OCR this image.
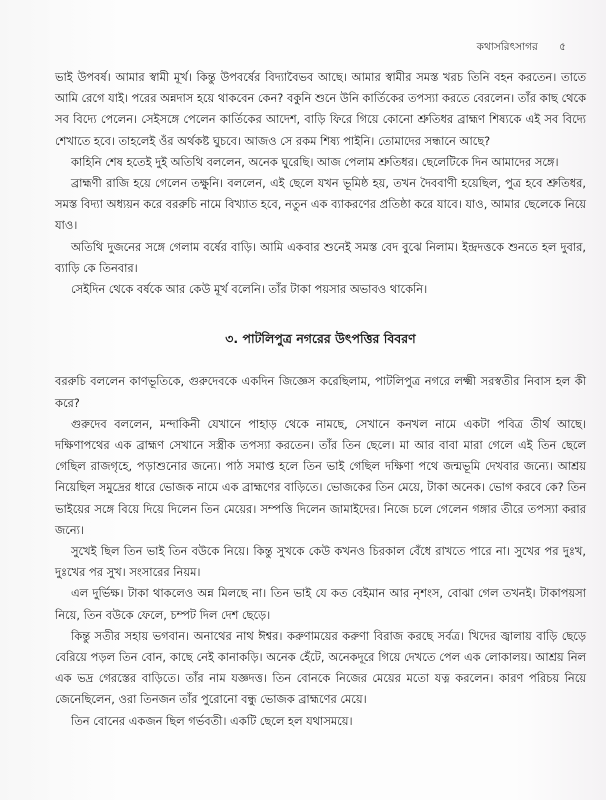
কথাসরিৎসাগর ৫

ভাই উপবর্ষ। আমার স্বামী মূর্খ। কিন্তু উপবর্ষের বিদ্যাবৈভব আছে। আমার স্বামীর সমস্ত খরচ তিনি বহন করতেন। তাতে আমি রেগে যাই। পরের অন্নদাস হয়ে থাকবেন কেন? বকুনি শুনে উনি কার্তিকের তপস্যা করতে বেরলেন। তাঁর কাছ থেকে সব বিদ্যে পেলেন। সেইসঙ্গে পেলেন কার্তিকের আদেশ, বাড়ি ফিরে গিয়ে কোনো শ্রুতিধর ব্রাহ্মণ শিষ্যকে এই সব বিদ্যে শেখাতে হবে। তাহলেই ওঁর অর্থকষ্ট ঘুচবে। আজও সে রকম শিষ্য পাইনি। তোমাদের সন্ধানে আছে?

কাহিনি শেষ হতেই দুই অতিথি বললেন, অনেক ঘুরেছি। আজ পেলাম শ্রুতিধর। ছেলেটিকে দিন আমাদের সঙ্গে।

ব্রাহ্মণী রাজি হয়ে গেলেন তক্ষুনি। বললেন, এই ছেলে যখন ভূমিষ্ঠ হয়, তখন দৈববাণী হয়েছিল, পুত্র হবে শ্রুতিধর, সমস্ত বিদ্যা অধ্যয়ন করে বররুচি নামে বিখ্যাত হবে, নতুন এক ব্যাকরণের প্রতিষ্ঠা করে যাবে। যাও, আমার ছেলেকে নিয়ে যাও।

অতিথি দুজনের সঙ্গে গেলাম বর্ষের বাড়ি। আমি একবার শুনেই সমস্ত বেদ বুঝে নিলাম। ইন্দ্রদত্তকে শুনতে হল দুবার, ব্যাড়ি কে তিনবার।

সেইদিন থেকে বর্ষকে আর কেউ মূর্খ বলেনি। তাঁর টাকা পয়সার অভাবও থাকেনি।

৩. পাটলিপুত্র নগরের উৎপত্তির বিবরণ

বররুচি বললেন কাণভূতিকে, গুরুদেবকে একদিন জিজ্ঞেস করেছিলাম, পাটলিপুত্র নগরে লক্ষ্মী সরস্বতীর নিবাস হল কী করে?

গুরুদেব বললেন, মন্দাকিনী যেখানে পাহাড় থেকে নামছে, সেখানে কনখল নামে একটা পবিত্র তীর্থ আছে। দক্ষিণাপথের এক ব্রাহ্মণ সেখানে সস্ত্রীক তপস্যা করতেন। তাঁর তিন ছেলে। মা আর বাবা মারা গেলে এই তিন ছেলে গেছিল রাজগৃহে, পড়াশুনোর জন্যে। পাঠ সমাপ্ত হলে তিন ভাই গেছিল দক্ষিণা পথে জন্মভূমি দেখবার জন্যে। আশ্রয় নিয়েছিল সমুদ্রের ধারে ভোজক নামে এক ব্রাহ্মণের বাড়িতে। ভোজকের তিন মেয়ে, টাকা অনেক। ভোগ করবে কে? তিন ভাইয়ের সঙ্গে বিয়ে দিয়ে দিলেন তিন মেয়ের। সম্পত্তি দিলেন জামাইদের। নিজে চলে গেলেন গঙ্গার তীরে তপস্যা করার জন্যে।

সুখেই ছিল তিন ভাই তিন বউকে নিয়ে। কিন্তু সুখকে কেউ কখনও চিরকাল বেঁধে রাখতে পারে না। সুখের পর দুঃখ, দুঃখের পর সুখ। সংসারের নিয়ম।

এল দুর্ভিক্ষ। টাকা থাকলেও অন্ন মিলছে না। তিন ভাই যে কত বেইমান আর নৃশংস, বোঝা গেল তখনই। টাকাপয়সা নিয়ে, তিন বউকে ফেলে, চম্পট দিল দেশ ছেড়ে।

কিন্তু সতীর সহায় ভগবান। অনাথের নাথ ঈশ্বর। করুণাময়ের করুণা বিরাজ করছে সর্বত্র। খিদের জ্বালায় বাড়ি ছেড়ে বেরিয়ে পড়ল তিন বোন, কাছে নেই কানাকড়ি। অনেক হেঁটে, অনেকদূরে গিয়ে দেখতে পেল এক লোকালয়। আশ্রয় নিল এক ভদ্র গেরস্তের বাড়িতে। তাঁর নাম যজ্ঞদত্ত। তিন বোনকে নিজের মেয়ের মতো যত্ন করলেন। কারণ পরিচয় নিয়ে জেনেছিলেন, ওরা তিনজন তাঁর পুরোনো বন্ধু ভোজক ব্রাহ্মণের মেয়ে।

তিন বোনের একজন ছিল গর্ভবতী। একটি ছেলে হল যথাসময়ে।
